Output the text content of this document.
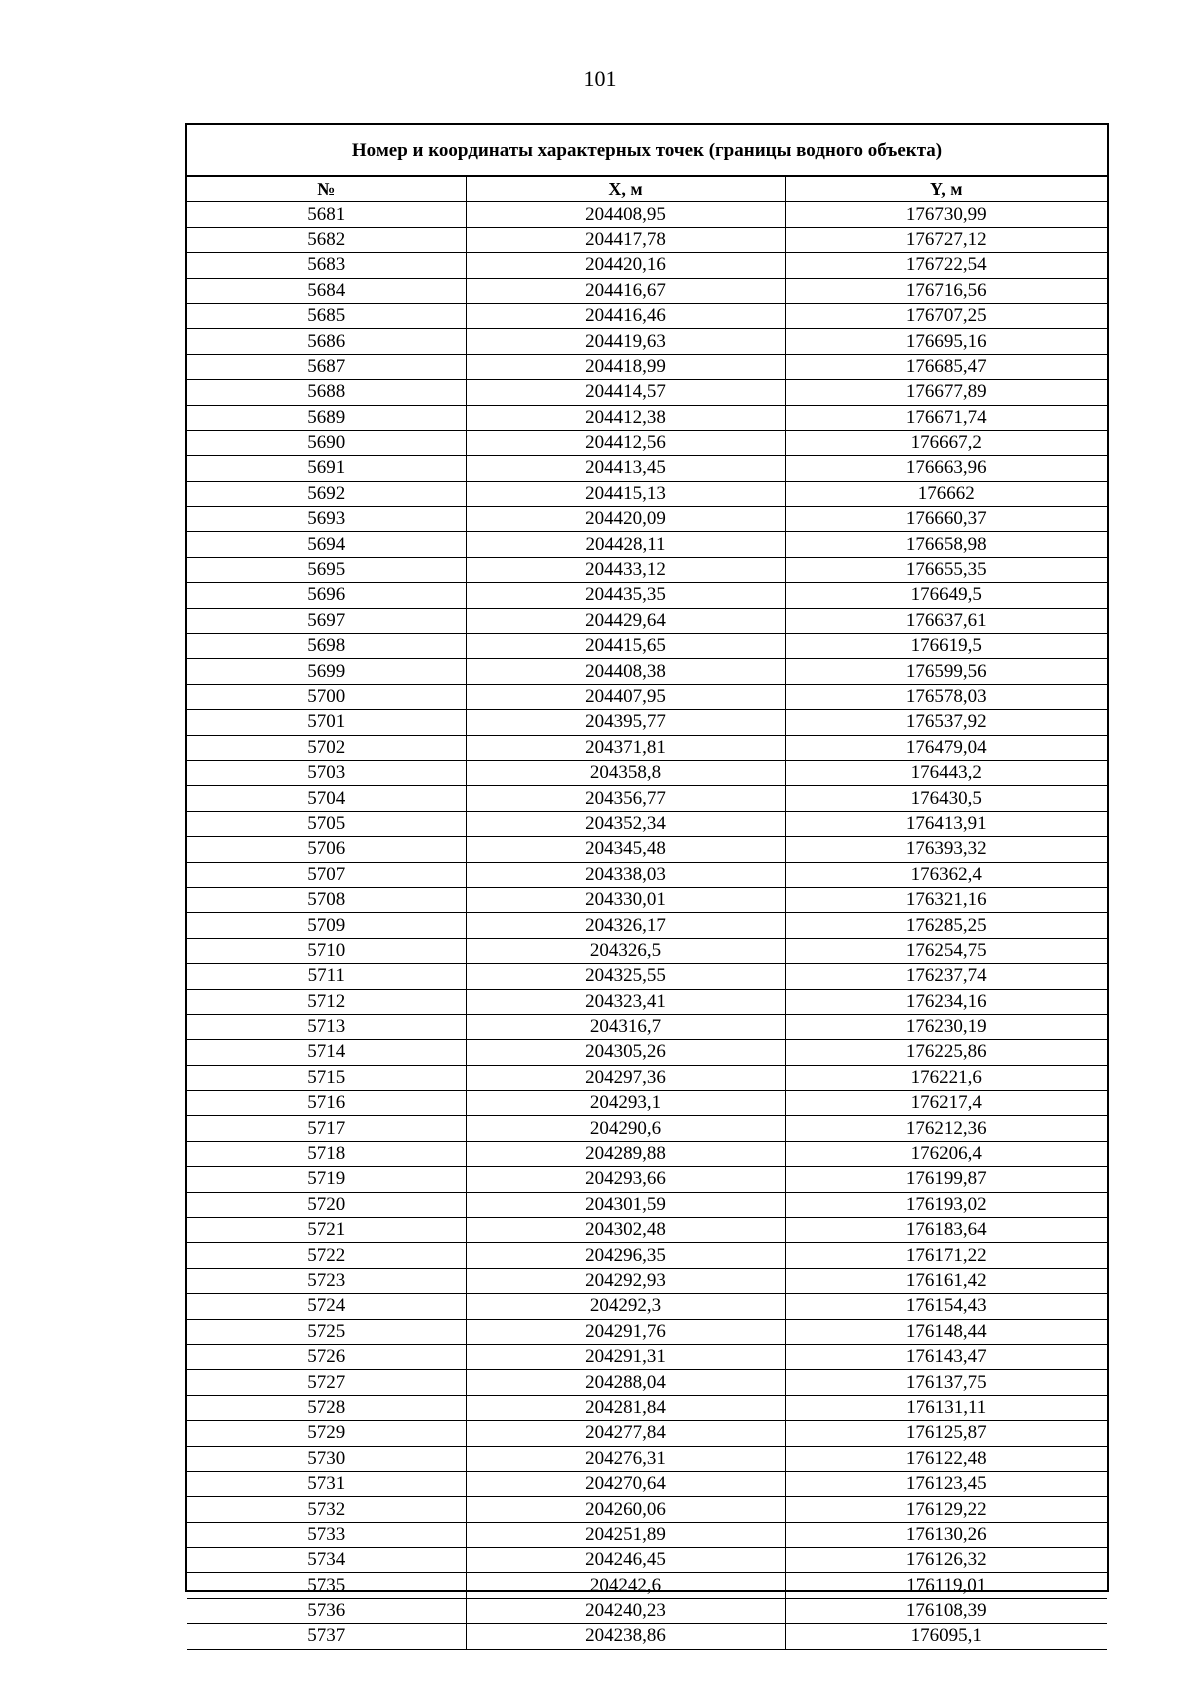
101
Номер и координаты характерных точек (границы водного объекта)
№	X, м	Y, м
5681	204408,95	176730,99
5682	204417,78	176727,12
5683	204420,16	176722,54
5684	204416,67	176716,56
5685	204416,46	176707,25
5686	204419,63	176695,16
5687	204418,99	176685,47
5688	204414,57	176677,89
5689	204412,38	176671,74
5690	204412,56	176667,2
5691	204413,45	176663,96
5692	204415,13	176662
5693	204420,09	176660,37
5694	204428,11	176658,98
5695	204433,12	176655,35
5696	204435,35	176649,5
5697	204429,64	176637,61
5698	204415,65	176619,5
5699	204408,38	176599,56
5700	204407,95	176578,03
5701	204395,77	176537,92
5702	204371,81	176479,04
5703	204358,8	176443,2
5704	204356,77	176430,5
5705	204352,34	176413,91
5706	204345,48	176393,32
5707	204338,03	176362,4
5708	204330,01	176321,16
5709	204326,17	176285,25
5710	204326,5	176254,75
5711	204325,55	176237,74
5712	204323,41	176234,16
5713	204316,7	176230,19
5714	204305,26	176225,86
5715	204297,36	176221,6
5716	204293,1	176217,4
5717	204290,6	176212,36
5718	204289,88	176206,4
5719	204293,66	176199,87
5720	204301,59	176193,02
5721	204302,48	176183,64
5722	204296,35	176171,22
5723	204292,93	176161,42
5724	204292,3	176154,43
5725	204291,76	176148,44
5726	204291,31	176143,47
5727	204288,04	176137,75
5728	204281,84	176131,11
5729	204277,84	176125,87
5730	204276,31	176122,48
5731	204270,64	176123,45
5732	204260,06	176129,22
5733	204251,89	176130,26
5734	204246,45	176126,32
5735	204242,6	176119,01
5736	204240,23	176108,39
5737	204238,86	176095,1
